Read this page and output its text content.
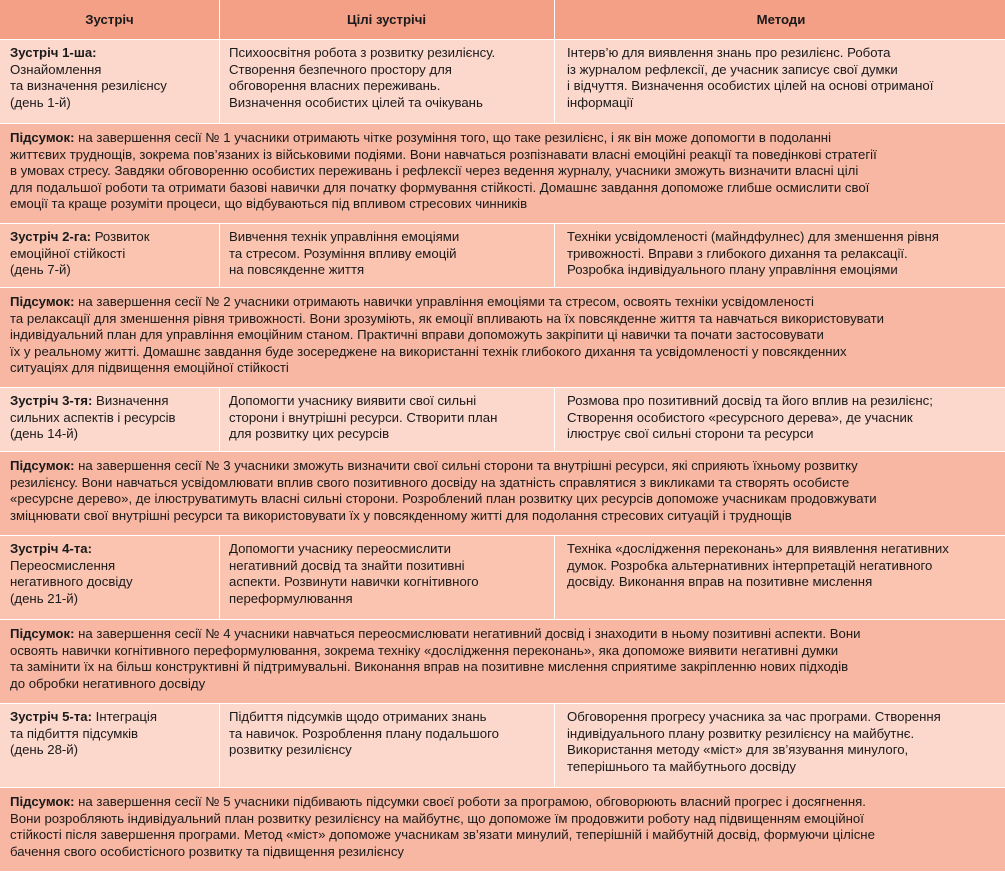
Зустріч	Цілі зустрічі	Методи
Зустріч 1-ша:
Ознайомлення
та визначення резилієнсу
(день 1-й)
Психоосвітня робота з розвитку резилієнсу.
Створення безпечного простору для
обговорення власних переживань.
Визначення особистих цілей та очікувань
Інтерв’ю для виявлення знань про резилієнс. Робота
із журналом рефлексії, де учасник записує свої думки
і відчуття. Визначення особистих цілей на основі отриманої
інформації
Підсумок: на завершення сесії № 1 учасники отримають чітке розуміння того, що таке резилієнс, і як він може допомогти в подоланні
життєвих труднощів, зокрема пов’язаних із військовими подіями. Вони навчаться розпізнавати власні емоційні реакції та поведінкові стратегії
в умовах стресу. Завдяки обговоренню особистих переживань і рефлексії через ведення журналу, учасники зможуть визначити власні цілі
для подальшої роботи та отримати базові навички для початку формування стійкості. Домашнє завдання допоможе глибше осмислити свої
емоції та краще розуміти процеси, що відбуваються під впливом стресових чинників
Зустріч 2-га: Розвиток
емоційної стійкості
(день 7-й)
Вивчення технік управління емоціями
та стресом. Розуміння впливу емоцій
на повсякденне життя
Техніки усвідомленості (майндфулнес) для зменшення рівня
тривожності. Вправи з глибокого дихання та релаксації.
Розробка індивідуального плану управління емоціями
Підсумок: на завершення сесії № 2 учасники отримають навички управління емоціями та стресом, освоять техніки усвідомленості
та релаксації для зменшення рівня тривожності. Вони зрозуміють, як емоції впливають на їх повсякденне життя та навчаться використовувати
індивідуальний план для управління емоційним станом. Практичні вправи допоможуть закріпити ці навички та почати застосовувати
їх у реальному житті. Домашнє завдання буде зосереджене на використанні технік глибокого дихання та усвідомленості у повсякденних
ситуаціях для підвищення емоційної стійкості
Зустріч 3-тя: Визначення
сильних аспектів і ресурсів
(день 14-й)
Допомогти учаснику виявити свої сильні
сторони і внутрішні ресурси. Створити план
для розвитку цих ресурсів
Розмова про позитивний досвід та його вплив на резилієнс;
Створення особистого «ресурсного дерева», де учасник
ілюструє свої сильні сторони та ресурси
Підсумок: на завершення сесії № 3 учасники зможуть визначити свої сильні сторони та внутрішні ресурси, які сприяють їхньому розвитку
резилієнсу. Вони навчаться усвідомлювати вплив свого позитивного досвіду на здатність справлятися з викликами та створять особисте
«ресурсне дерево», де ілюструватимуть власні сильні сторони. Розроблений план розвитку цих ресурсів допоможе учасникам продовжувати
зміцнювати свої внутрішні ресурси та використовувати їх у повсякденному житті для подолання стресових ситуацій і труднощів
Зустріч 4-та:
Переосмислення
негативного досвіду
(день 21-й)
Допомогти учаснику переосмислити
негативний досвід та знайти позитивні
аспекти. Розвинути навички когнітивного
переформулювання
Техніка «дослідження переконань» для виявлення негативних
думок. Розробка альтернативних інтерпретацій негативного
досвіду. Виконання вправ на позитивне мислення
Підсумок: на завершення сесії № 4 учасники навчаться переосмислювати негативний досвід і знаходити в ньому позитивні аспекти. Вони
освоять навички когнітивного переформулювання, зокрема техніку «дослідження переконань», яка допоможе виявити негативні думки
та замінити їх на більш конструктивні й підтримувальні. Виконання вправ на позитивне мислення сприятиме закріпленню нових підходів
до обробки негативного досвіду
Зустріч 5-та: Інтеграція
та підбиття підсумків
(день 28-й)
Підбиття підсумків щодо отриманих знань
та навичок. Розроблення плану подальшого
розвитку резилієнсу
Обговорення прогресу учасника за час програми. Створення
індивідуального плану розвитку резилієнсу на майбутнє.
Використання методу «міст» для зв’язування минулого,
теперішнього та майбутнього досвіду
Підсумок: на завершення сесії № 5 учасники підбивають підсумки своєї роботи за програмою, обговорюють власний прогрес і досягнення.
Вони розробляють індивідуальний план розвитку резилієнсу на майбутнє, що допоможе їм продовжити роботу над підвищенням емоційної
стійкості після завершення програми. Метод «міст» допоможе учасникам зв’язати минулий, теперішній і майбутній досвід, формуючи цілісне
бачення свого особистісного розвитку та підвищення резилієнсу
